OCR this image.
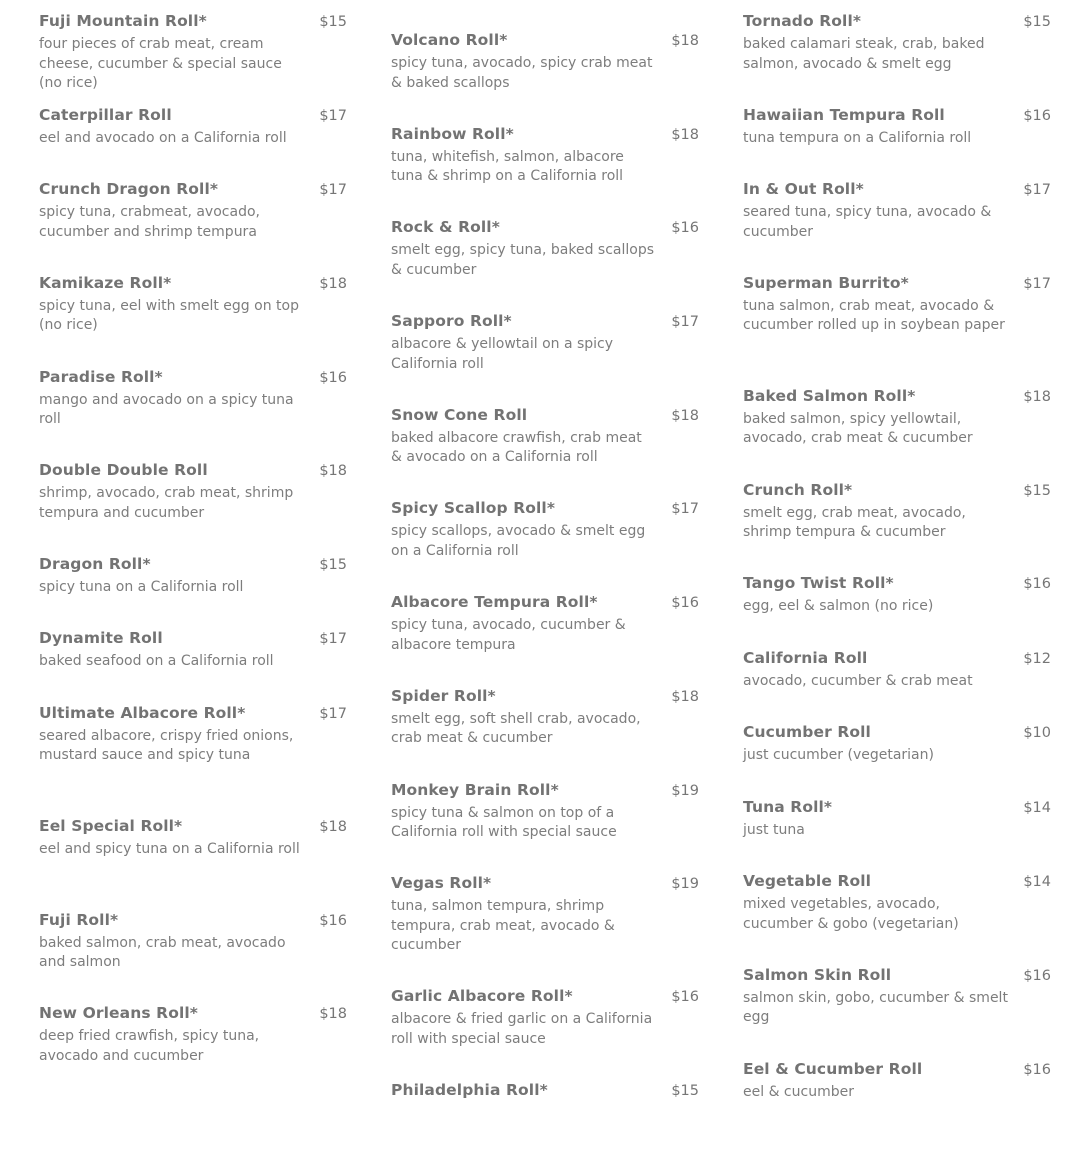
Fuji Mountain Roll*	$15
four pieces of crab meat, cream cheese, cucumber & special sauce (no rice)
Caterpillar Roll	$17
eel and avocado on a California roll
Crunch Dragon Roll*	$17
spicy tuna, crabmeat, avocado, cucumber and shrimp tempura
Kamikaze Roll*	$18
spicy tuna, eel with smelt egg on top (no rice)
Paradise Roll*	$16
mango and avocado on a spicy tuna roll
Double Double Roll	$18
shrimp, avocado, crab meat, shrimp tempura and cucumber
Dragon Roll*	$15
spicy tuna on a California roll
Dynamite Roll	$17
baked seafood on a California roll
Ultimate Albacore Roll*	$17
seared albacore, crispy fried onions, mustard sauce and spicy tuna
Eel Special Roll*	$18
eel and spicy tuna on a California roll
Fuji Roll*	$16
baked salmon, crab meat, avocado and salmon
New Orleans Roll*	$18
deep fried crawfish, spicy tuna, avocado and cucumber
Volcano Roll*	$18
spicy tuna, avocado, spicy crab meat & baked scallops
Rainbow Roll*	$18
tuna, whitefish, salmon, albacore tuna & shrimp on a California roll
Rock & Roll*	$16
smelt egg, spicy tuna, baked scallops & cucumber
Sapporo Roll*	$17
albacore & yellowtail on a spicy California roll
Snow Cone Roll	$18
baked albacore crawfish, crab meat & avocado on a California roll
Spicy Scallop Roll*	$17
spicy scallops, avocado & smelt egg on a California roll
Albacore Tempura Roll*	$16
spicy tuna, avocado, cucumber & albacore tempura
Spider Roll*	$18
smelt egg, soft shell crab, avocado, crab meat & cucumber
Monkey Brain Roll*	$19
spicy tuna & salmon on top of a California roll with special sauce
Vegas Roll*	$19
tuna, salmon tempura, shrimp tempura, crab meat, avocado & cucumber
Garlic Albacore Roll*	$16
albacore & fried garlic on a California roll with special sauce
Philadelphia Roll*	$15
Tornado Roll*	$15
baked calamari steak, crab, baked salmon, avocado & smelt egg
Hawaiian Tempura Roll	$16
tuna tempura on a California roll
In & Out Roll*	$17
seared tuna, spicy tuna, avocado & cucumber
Superman Burrito*	$17
tuna salmon, crab meat, avocado & cucumber rolled up in soybean paper
Baked Salmon Roll*	$18
baked salmon, spicy yellowtail, avocado, crab meat & cucumber
Crunch Roll*	$15
smelt egg, crab meat, avocado, shrimp tempura & cucumber
Tango Twist Roll*	$16
egg, eel & salmon (no rice)
California Roll	$12
avocado, cucumber & crab meat
Cucumber Roll	$10
just cucumber (vegetarian)
Tuna Roll*	$14
just tuna
Vegetable Roll	$14
mixed vegetables, avocado, cucumber & gobo (vegetarian)
Salmon Skin Roll	$16
salmon skin, gobo, cucumber & smelt egg
Eel & Cucumber Roll	$16
eel & cucumber
